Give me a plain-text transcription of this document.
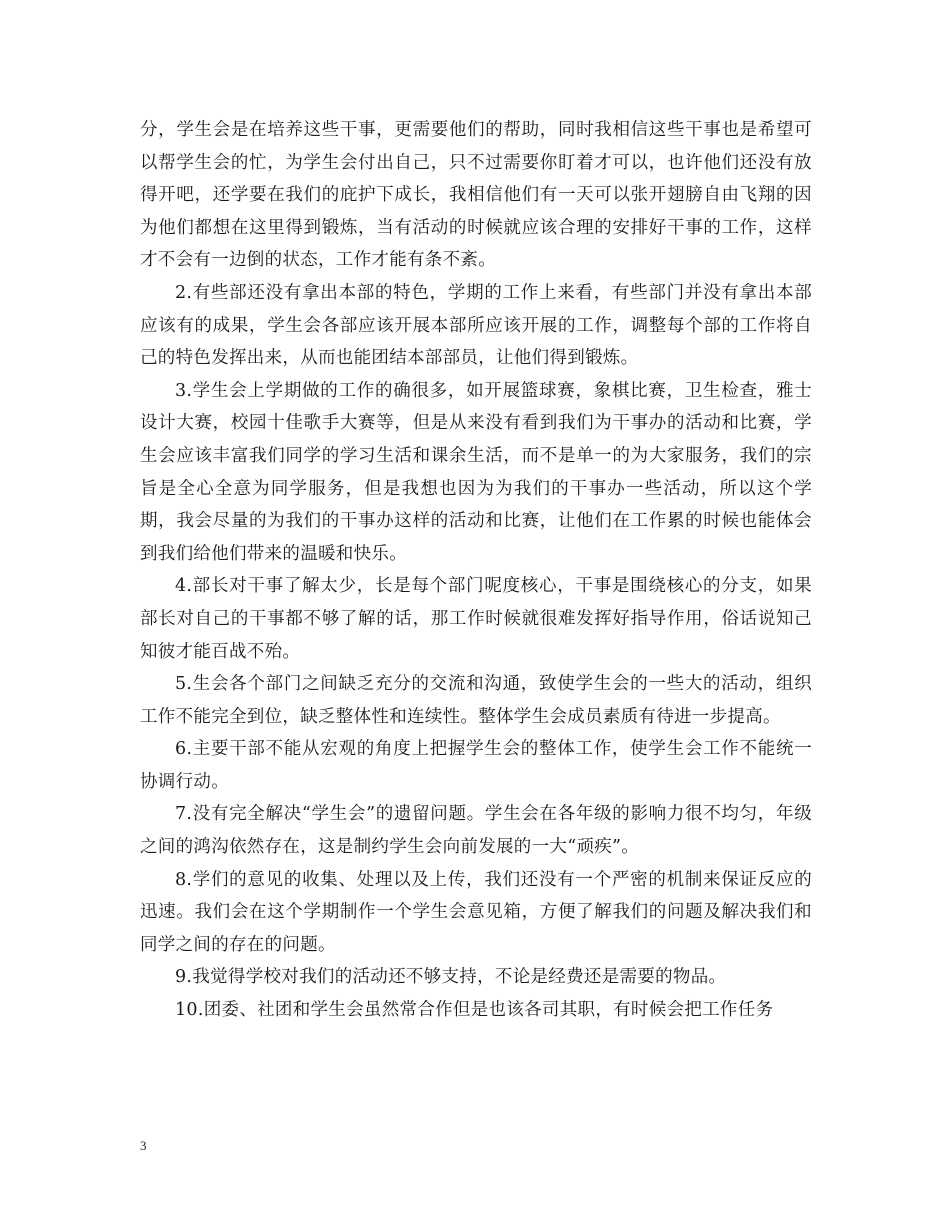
分，学生会是在培养这些干事，更需要他们的帮助，同时我相信这些干事也是希望可以帮学生会的忙，为学生会付出自己，只不过需要你盯着才可以，也许他们还没有放得开吧，还学要在我们的庇护下成长，我相信他们有一天可以张开翅膀自由飞翔的因为他们都想在这里得到锻炼，当有活动的时候就应该合理的安排好干事的工作，这样才不会有一边倒的状态，工作才能有条不紊。

2.有些部还没有拿出本部的特色，学期的工作上来看，有些部门并没有拿出本部应该有的成果，学生会各部应该开展本部所应该开展的工作，调整每个部的工作将自己的特色发挥出来，从而也能团结本部部员，让他们得到锻炼。

3.学生会上学期做的工作的确很多，如开展篮球赛，象棋比赛，卫生检查，雅士设计大赛，校园十佳歌手大赛等，但是从来没有看到我们为干事办的活动和比赛，学生会应该丰富我们同学的学习生活和课余生活，而不是单一的为大家服务，我们的宗旨是全心全意为同学服务，但是我想也因为为我们的干事办一些活动，所以这个学期，我会尽量的为我们的干事办这样的活动和比赛，让他们在工作累的时候也能体会到我们给他们带来的温暖和快乐。

4.部长对干事了解太少，长是每个部门呢度核心，干事是围绕核心的分支，如果部长对自己的干事都不够了解的话，那工作时候就很难发挥好指导作用，俗话说知己知彼才能百战不殆。

5.生会各个部门之间缺乏充分的交流和沟通，致使学生会的一些大的活动，组织工作不能完全到位，缺乏整体性和连续性。整体学生会成员素质有待进一步提高。

6.主要干部不能从宏观的角度上把握学生会的整体工作，使学生会工作不能统一协调行动。

7.没有完全解决“学生会”的遗留问题。学生会在各年级的影响力很不均匀，年级之间的鸿沟依然存在，这是制约学生会向前发展的一大“顽疾”。

8.学们的意见的收集、处理以及上传，我们还没有一个严密的机制来保证反应的迅速。我们会在这个学期制作一个学生会意见箱，方便了解我们的问题及解决我们和同学之间的存在的问题。

9.我觉得学校对我们的活动还不够支持，不论是经费还是需要的物品。

10.团委、社团和学生会虽然常合作但是也该各司其职，有时候会把工作任务

3
